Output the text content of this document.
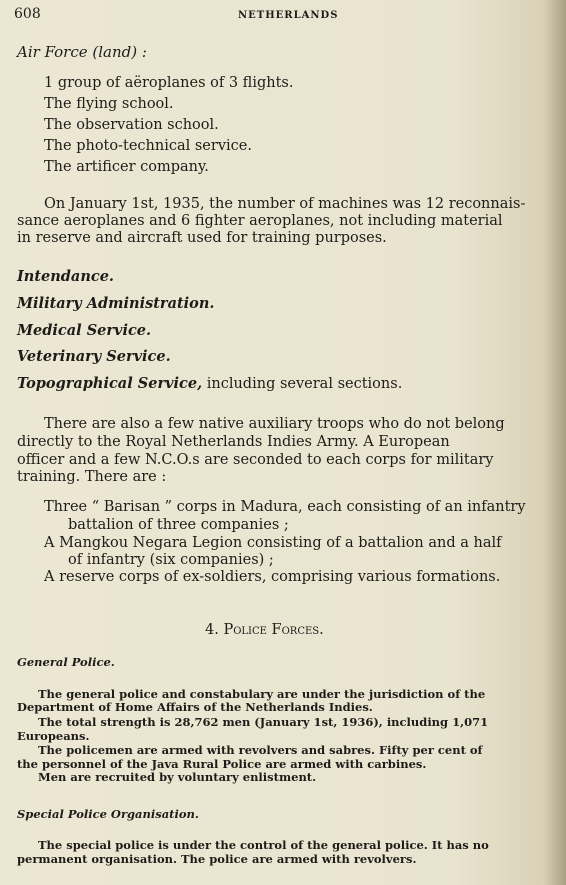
608	NETHERLANDS
Air Force (land) :
1 group of aëroplanes of 3 flights.
The flying school.
The observation school.
The photo-technical service.
The artificer company.
On January 1st, 1935, the number of machines was 12 reconnais-
sance aeroplanes and 6 fighter aeroplanes, not including material
in reserve and aircraft used for training purposes.
Intendance.
Military Administration.
Medical Service.
Veterinary Service.
Topographical Service, including several sections.
There are also a few native auxiliary troops who do not belong
directly to the Royal Netherlands Indies Army. A European
officer and a few N.C.O.s are seconded to each corps for military
training. There are :
Three “ Barisan ” corps in Madura, each consisting of an infantry
battalion of three companies ;
A Mangkou Negara Legion consisting of a battalion and a half
of infantry (six companies) ;
A reserve corps of ex-soldiers, comprising various formations.
4. Police Forces.
General Police.
The general police and constabulary are under the jurisdiction of the
Department of Home Affairs of the Netherlands Indies.
The total strength is 28,762 men (January 1st, 1936), including 1,071
Europeans.
The policemen are armed with revolvers and sabres. Fifty per cent of
the personnel of the Java Rural Police are armed with carbines.
Men are recruited by voluntary enlistment.
Special Police Organisation.
The special police is under the control of the general police. It has no
permanent organisation. The police are armed with revolvers.
